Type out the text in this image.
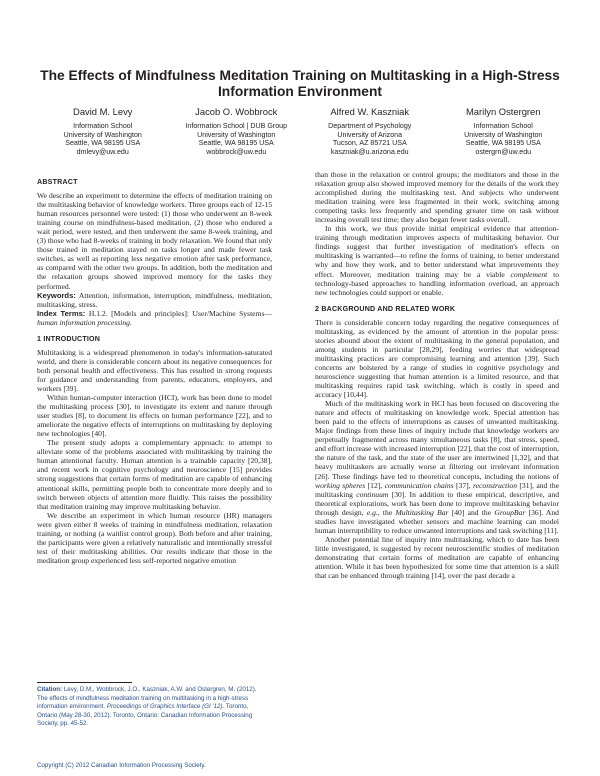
The Effects of Mindfulness Meditation Training on Multitasking in a High-Stress Information Environment
David M. Levy
Information School
University of Washington
Seattle, WA 98195 USA
dmlevy@uw.edu
Jacob O. Wobbrock
Information School | DUB Group
University of Washington
Seattle, WA 98195 USA
wobbrock@uw.edu
Alfred W. Kaszniak
Department of Psychology
University of Arizona
Tucson, AZ 85721 USA
kaszniak@u.arizona.edu
Marilyn Ostergren
Information School
University of Washington
Seattle, WA 98195 USA
ostergrn@uw.edu
ABSTRACT

We describe an experiment to determine the effects of meditation training on the multitasking behavior of knowledge workers. Three groups each of 12-15 human resources personnel were tested: (1) those who underwent an 8-week training course on mindfulness-based meditation, (2) those who endured a wait period, were tested, and then underwent the same 8-week training, and (3) those who had 8-weeks of training in body relaxation. We found that only those trained in meditation stayed on tasks longer and made fewer task switches, as well as reporting less negative emotion after task performance, as compared with the other two groups. In addition, both the meditation and the relaxation groups showed improved memory for the tasks they performed.

Keywords: Attention, information, interruption, mindfulness, meditation, multitasking, stress.

Index Terms: H.1.2. [Models and principles]: User/Machine Systems—human information processing.

1 INTRODUCTION

Multitasking is a widespread phenomenon in today's information-saturated world, and there is considerable concern about its negative consequences for both personal health and effectiveness. This has resulted in strong requests for guidance and understanding from parents, educators, employers, and workers [39].

Within human-computer interaction (HCI), work has been done to model the multitasking process [30], to investigate its extent and nature through user studies [8], to document its effects on human performance [22], and to ameliorate the negative effects of interruptions on multitasking by deploying new technologies [40].

The present study adopts a complementary approach: to attempt to alleviate some of the problems associated with multitasking by training the human attentional faculty. Human attention is a trainable capacity [20,38], and recent work in cognitive psychology and neuroscience [15] provides strong suggestions that certain forms of meditation are capable of enhancing attentional skills, permitting people both to concentrate more deeply and to switch between objects of attention more fluidly. This raises the possibility that meditation training may improve multitasking behavior.

We describe an experiment in which human resource (HR) managers were given either 8 weeks of training in mindfulness meditation, relaxation training, or nothing (a waitlist control group). Both before and after training, the participants were given a relatively naturalistic and intentionally stressful test of their multitasking abilities. Our results indicate that those in the meditation group experienced less self-reported negative emotion

than those in the relaxation or control groups; the meditators and those in the relaxation group also showed improved memory for the details of the work they accomplished during the multitasking test. And subjects who underwent meditation training were less fragmented in their work, switching among competing tasks less frequently and spending greater time on task without increasing overall test time; they also began fewer tasks overall.

In this work, we thus provide initial empirical evidence that attention-training through meditation improves aspects of multitasking behavior. Our findings suggest that further investigation of meditation's effects on multitasking is warranted—to refine the forms of training, to better understand why and how they work, and to better understand what improvements they effect. Moreover, meditation training may be a viable complement to technology-based approaches to handling information overload, an approach new technologies could support or enable.

2 BACKGROUND AND RELATED WORK

There is considerable concern today regarding the negative consequences of multitasking, as evidenced by the amount of attention in the popular press: stories abound about the extent of multitasking in the general population, and among students in particular [28,29], feeding worries that widespread multitasking practices are compromising learning and attention [39]. Such concerns are bolstered by a range of studies in cognitive psychology and neuroscience suggesting that human attention is a limited resource, and that multitasking requires rapid task switching, which is costly in speed and accuracy [10,44].

Much of the multitasking work in HCI has been focused on discovering the nature and effects of multitasking on knowledge work. Special attention has been paid to the effects of interruptions as causes of unwanted multitasking. Major findings from these lines of inquiry include that knowledge workers are perpetually fragmented across many simultaneous tasks [8], that stress, speed, and effort increase with increased interruption [22], that the cost of interruption, the nature of the task, and the state of the user are intertwined [1,32], and that heavy multitaskers are actually worse at filtering out irrelevant information [26]. These findings have led to theoretical concepts, including the notions of working spheres [12], communication chains [37], reconstruction [31], and the multitasking continuum [30]. In addition to these empirical, descriptive, and theoretical explorations, work has been done to improve multitasking behavior through design, e.g., the Multitasking Bar [40] and the GroupBar [36]. And studies have investigated whether sensors and machine learning can model human interruptibility to reduce unwanted interruptions and task switching [11].

Another potential line of inquiry into multitasking, which to date has been little investigated, is suggested by recent neuroscientific studies of meditation demonstrating that certain forms of meditation are capable of enhancing attention. While it has been hypothesized for some time that attention is a skill that can be enhanced through training [14], over the past decade a

Citation: Levy, D.M., Wobbrock, J.O., Kaszniak, A.W. and Ostergren, M. (2012). The effects of mindfulness meditation training on multitasking in a high-stress information environment. Proceedings of Graphics Interface (GI '12). Toronto, Ontario (May 28-30, 2012). Toronto, Ontario: Canadian Information Processing Society, pp. 45-52.
Copyright (C) 2012 Canadian Information Processing Society.
